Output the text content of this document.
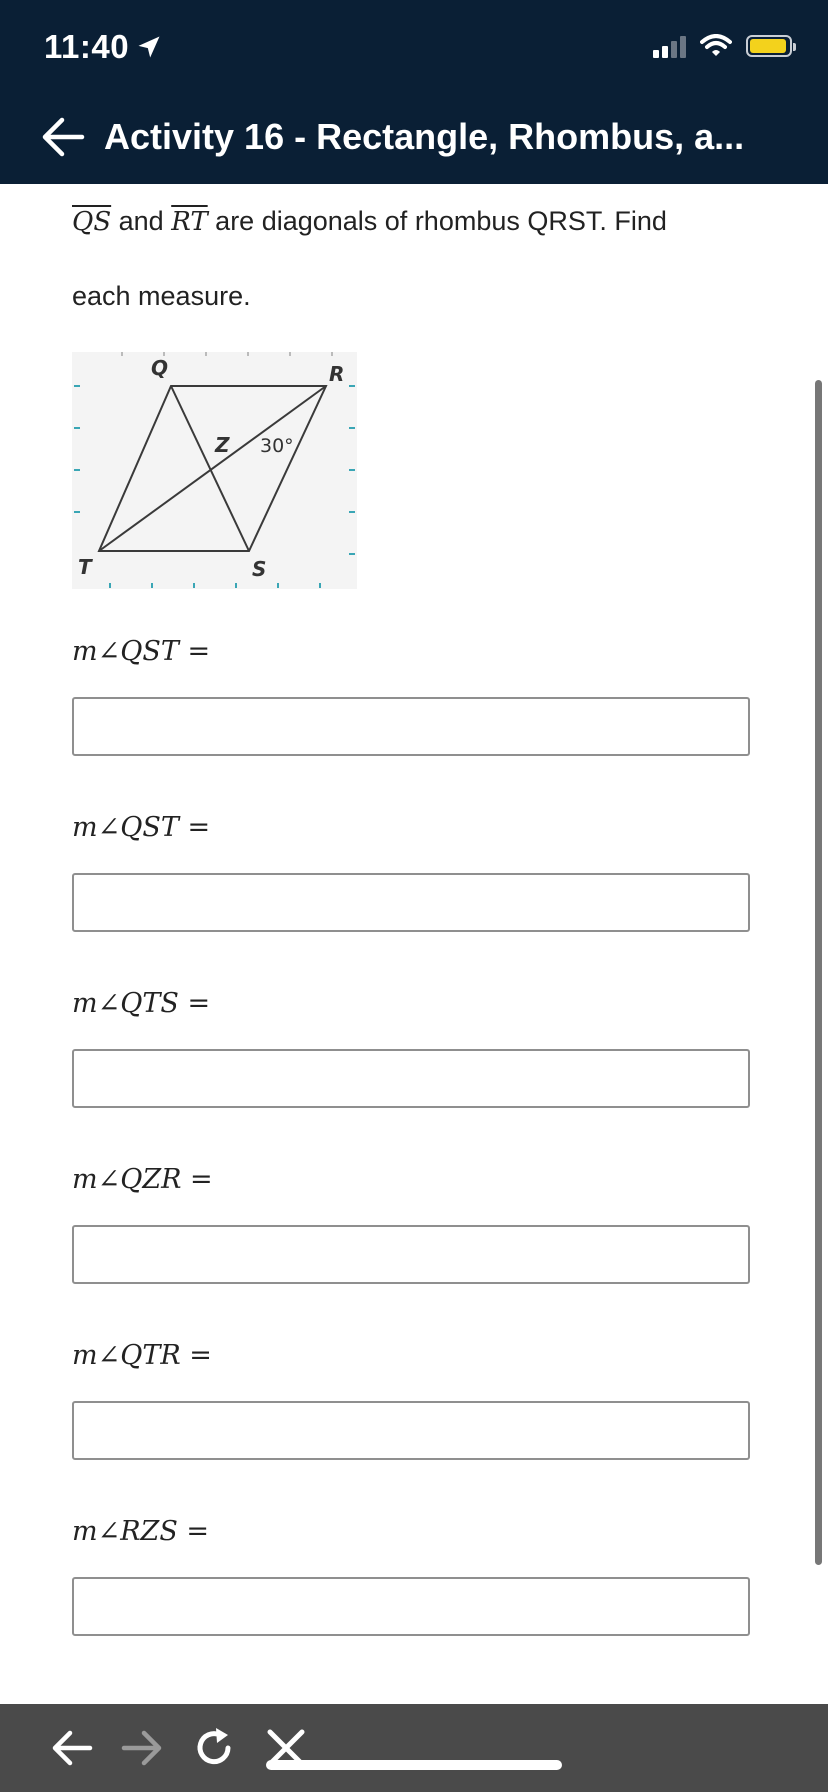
11:40
Activity 16 - Rectangle, Rhombus, a...
$\overline{QS}$ and $\overline{RT}$ are diagonals of rhombus QRST. Find
each measure.
Q	R
S
T
Z 30°
m∠QST =
m∠QST =
m∠QTS =
m∠QZR =
m∠QTR =
m∠RZS =
